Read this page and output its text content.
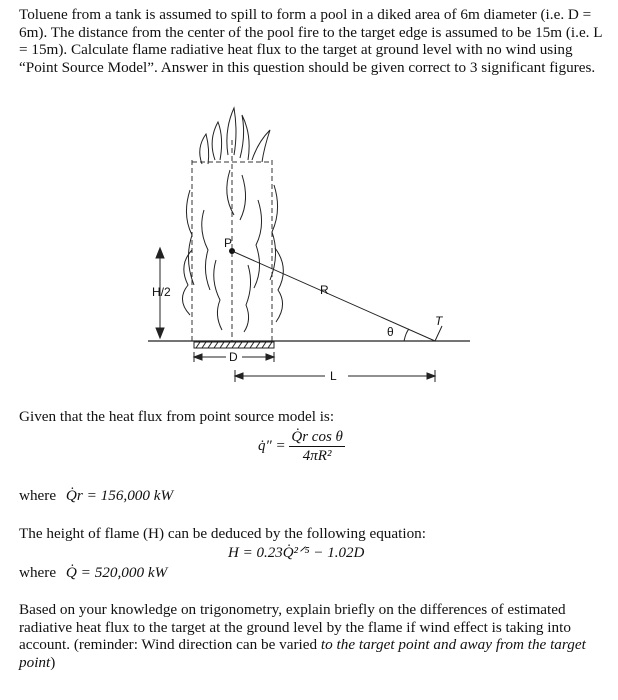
Toluene from a tank is assumed to spill to form a pool in a diked area of 6m diameter (i.e. D = 6m). The distance from the center of the pool fire to the target edge is assumed to be 15m (i.e. L = 15m). Calculate flame radiative heat flux to the target at ground level with no wind using “Point Source Model”. Answer in this question should be given correct to 3 significant figures.
H/2
P
R
T
θ
D
L
Given that the heat flux from point source model is:
q̇″ = $\frac{\text{Q̇r cos θ}}{\text{4πR²}}$
where Q̇r = 156,000 kW
The height of flame (H) can be deduced by the following equation:
H = 0.23Q̇²ᐟ⁵ − 1.02D
where Q̇ = 520,000 kW
Based on your knowledge on trigonometry, explain briefly on the differences of estimated radiative heat flux to the target at the ground level by the flame if wind effect is taking into account. (reminder: Wind direction can be varied to the target point and away from the target point)
